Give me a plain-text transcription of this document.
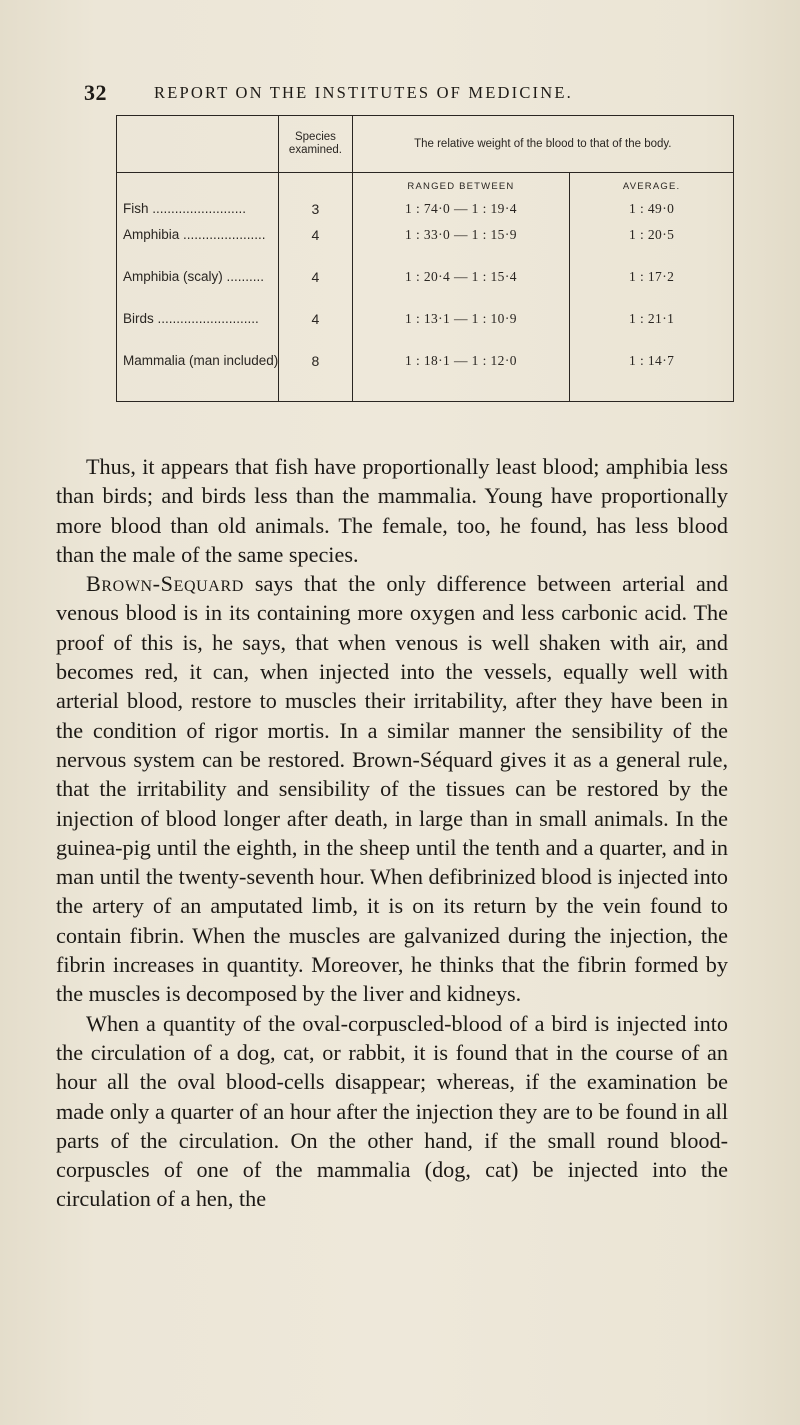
32	REPORT ON THE INSTITUTES OF MEDICINE.
	Species examined.	The relative weight of the blood to that of the body.	
		RANGED BETWEEN	AVERAGE.
Fish .........................	3	1 : 74·0 — 1 : 19·4	1 : 49·0
Amphibia ......................	4	1 : 33·0 — 1 : 15·9	1 : 20·5
Amphibia (scaly) ..........	4	1 : 20·4 — 1 : 15·4	1 : 17·2
Birds ...........................	4	1 : 13·1 — 1 : 10·9	1 : 21·1
Mammalia (man included)	8	1 : 18·1 — 1 : 12·0	1 : 14·7

Thus, it appears that fish have proportionally least blood; amphibia less than birds; and birds less than the mammalia. Young have proportionally more blood than old animals. The female, too, he found, has less blood than the male of the same species.

Brown-Sequard says that the only difference between arterial and venous blood is in its containing more oxygen and less carbonic acid. The proof of this is, he says, that when venous is well shaken with air, and becomes red, it can, when injected into the vessels, equally well with arterial blood, restore to muscles their irritability, after they have been in the condition of rigor mortis. In a similar manner the sensibility of the nervous system can be restored. Brown-Séquard gives it as a general rule, that the irritability and sensibility of the tissues can be restored by the injection of blood longer after death, in large than in small animals. In the guinea-pig until the eighth, in the sheep until the tenth and a quarter, and in man until the twenty-seventh hour. When defibrinized blood is injected into the artery of an amputated limb, it is on its return by the vein found to contain fibrin. When the muscles are galvanized during the injection, the fibrin increases in quantity. Moreover, he thinks that the fibrin formed by the muscles is decomposed by the liver and kidneys.

When a quantity of the oval-corpuscled-blood of a bird is injected into the circulation of a dog, cat, or rabbit, it is found that in the course of an hour all the oval blood-cells disappear; whereas, if the examination be made only a quarter of an hour after the injection they are to be found in all parts of the circulation. On the other hand, if the small round blood-corpuscles of one of the mammalia (dog, cat) be injected into the circulation of a hen, the
